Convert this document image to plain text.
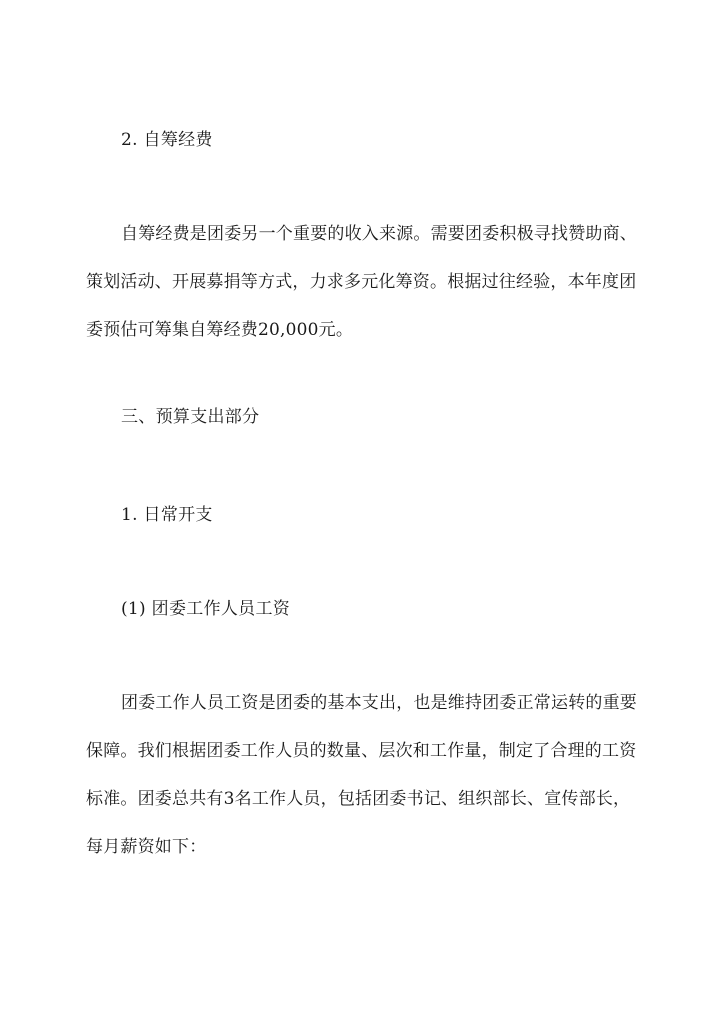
2. 自筹经费
自筹经费是团委另一个重要的收入来源。需要团委积极寻找赞助商、
策划活动、开展募捐等方式，力求多元化筹资。根据过往经验，本年度团
委预估可筹集自筹经费20,000元。
三、预算支出部分
1. 日常开支
(1) 团委工作人员工资
团委工作人员工资是团委的基本支出，也是维持团委正常运转的重要
保障。我们根据团委工作人员的数量、层次和工作量，制定了合理的工资
标准。团委总共有3名工作人员，包括团委书记、组织部长、宣传部长，
每月薪资如下：
